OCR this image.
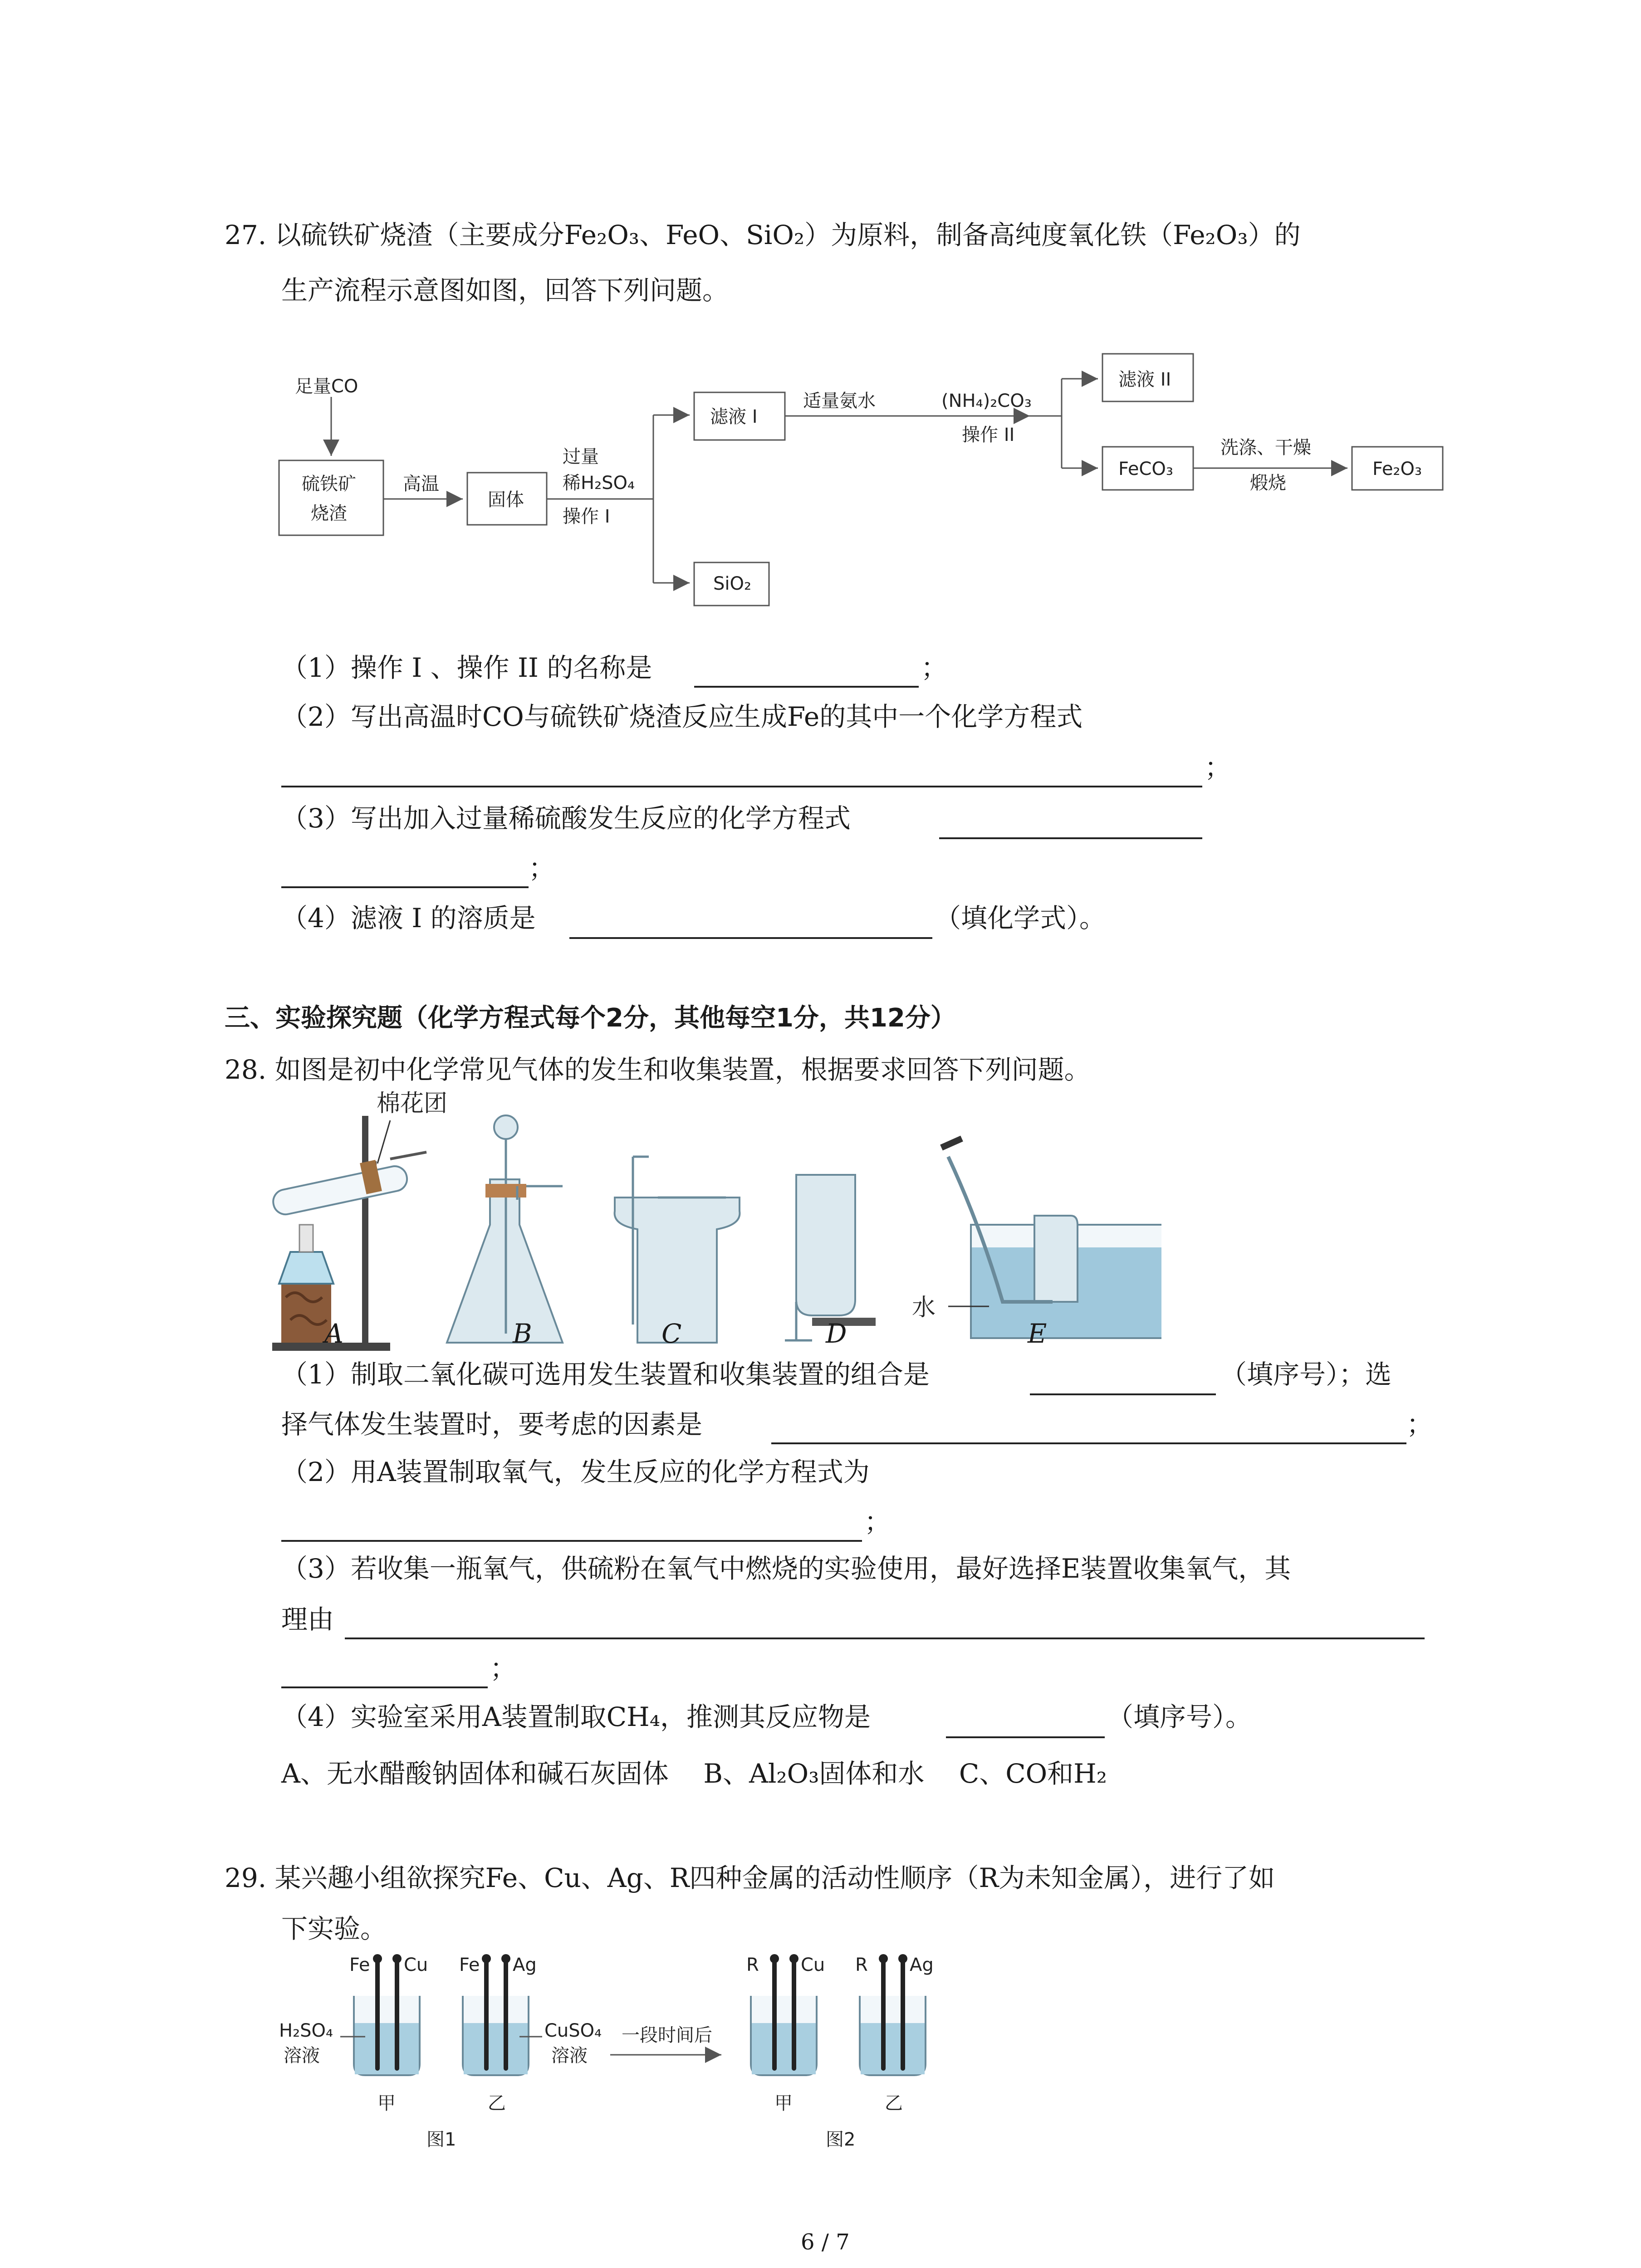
27. 以硫铁矿烧渣（主要成分Fe₂O₃、FeO、SiO₂）为原料，制备高纯度氧化铁（Fe₂O₃）的
生产流程示意图如图，回答下列问题。
足量CO
硫铁矿
烧渣
高温
固体
过量
稀H₂SO₄
操作 I
滤液 I
适量氨水	(NH₄)₂CO₃
操作 II
滤液 II
FeCO₃
洗涤、干燥
煅烧
Fe₂O₃
SiO₂
（1）操作 I 、操作 II 的名称是	；
（2）写出高温时CO与硫铁矿烧渣反应生成Fe的其中一个化学方程式
；
（3）写出加入过量稀硫酸发生反应的化学方程式
；
（4）滤液 I 的溶质是	（填化学式）。
三、实验探究题（化学方程式每个2分，其他每空1分，共12分）
28. 如图是初中化学常见气体的发生和收集装置，根据要求回答下列问题。
棉花团
水
A	B	C	D	E
（1）制取二氧化碳可选用发生装置和收集装置的组合是	（填序号）；选
择气体发生装置时，要考虑的因素是	；
（2）用A装置制取氧气，发生反应的化学方程式为
；
（3）若收集一瓶氧气，供硫粉在氧气中燃烧的实验使用，最好选择E装置收集氧气，其
理由
；
（4）实验室采用A装置制取CH₄，推测其反应物是	（填序号）。
A、无水醋酸钠固体和碱石灰固体　 B、Al₂O₃固体和水　 C、CO和H₂
29. 某兴趣小组欲探究Fe、Cu、Ag、R四种金属的活动性顺序（R为未知金属），进行了如
下实验。
Fe Cu Fe Ag
H₂SO₄
溶液
CuSO₄
溶液
一段时间后
甲	乙
图1
R Cu R Ag
甲	乙
图2
6 / 7
